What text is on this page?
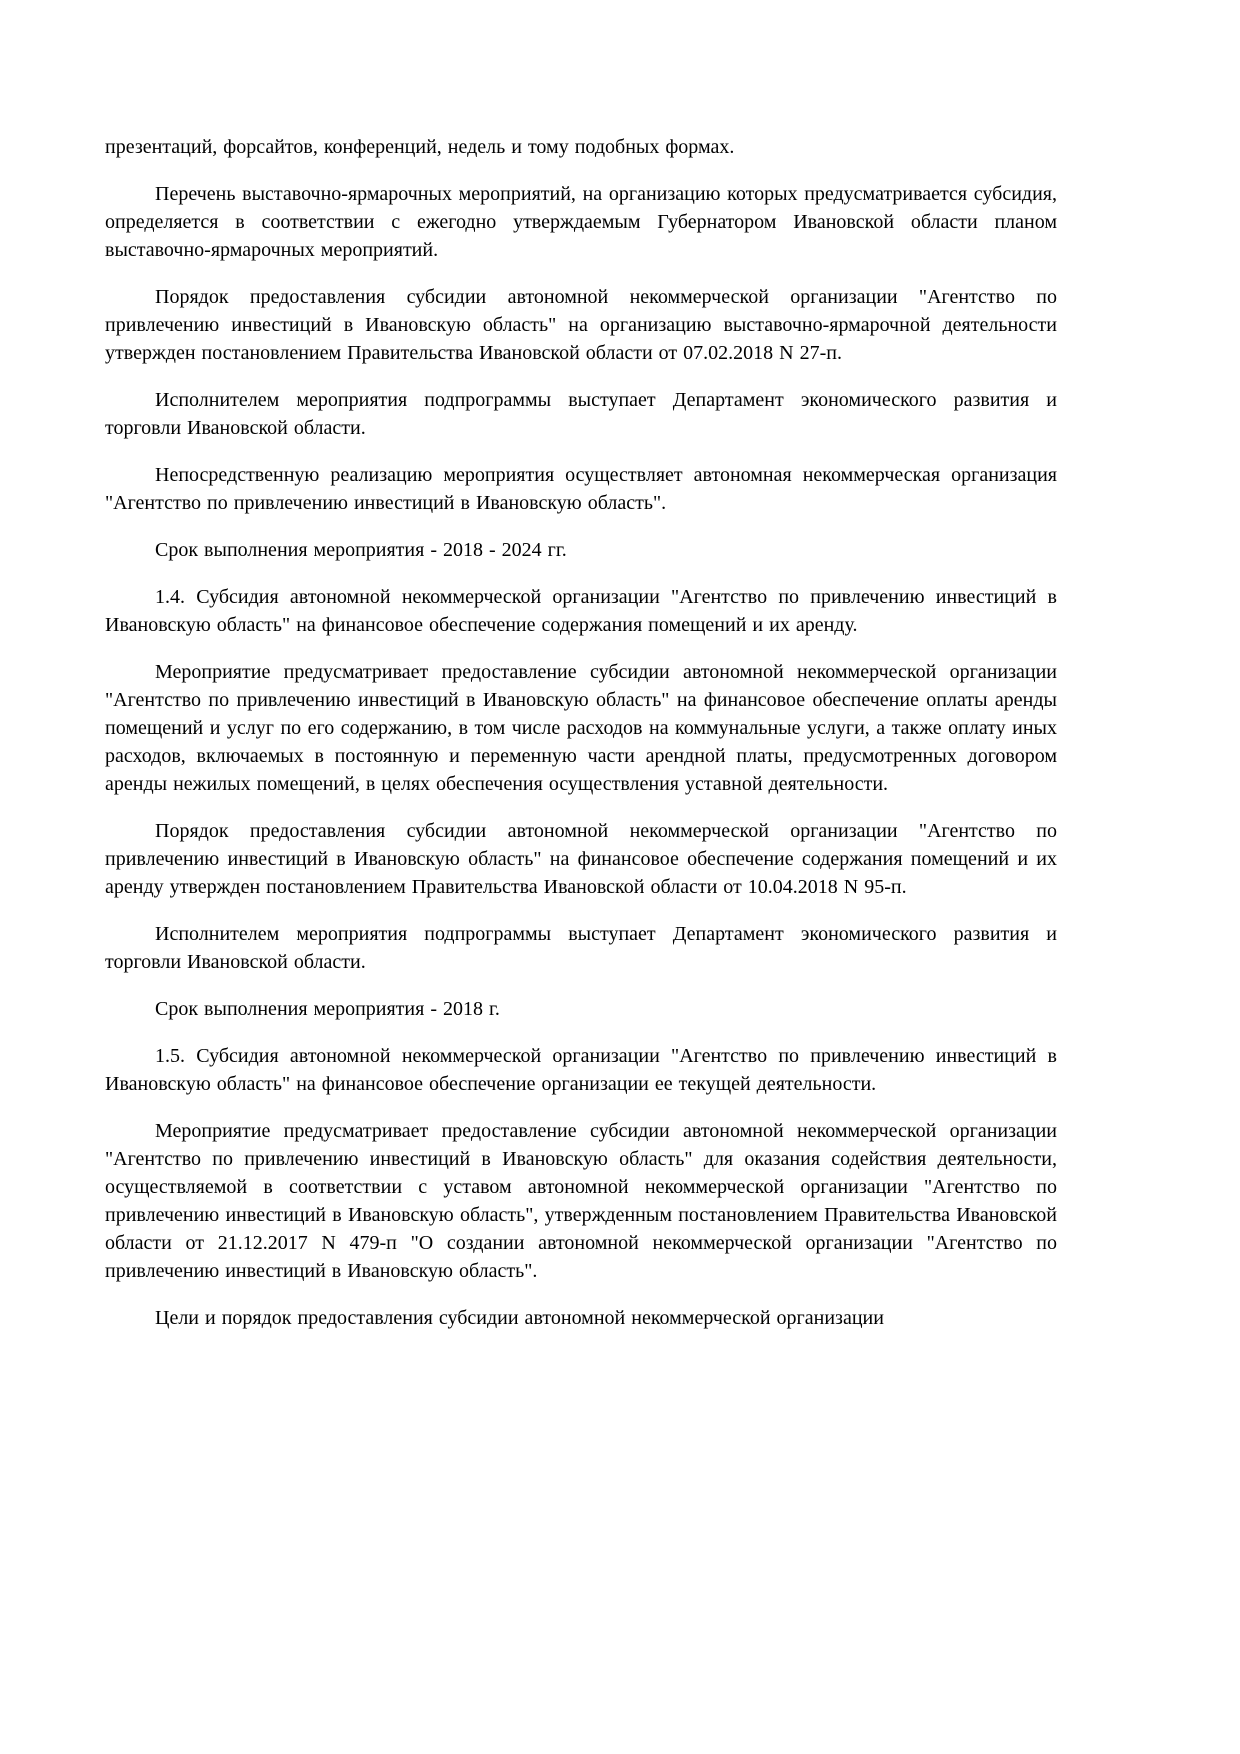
презентаций, форсайтов, конференций, недель и тому подобных формах.

Перечень выставочно-ярмарочных мероприятий, на организацию которых предусматривается субсидия, определяется в соответствии с ежегодно утверждаемым Губернатором Ивановской области планом выставочно-ярмарочных мероприятий.

Порядок предоставления субсидии автономной некоммерческой организации "Агентство по привлечению инвестиций в Ивановскую область" на организацию выставочно-ярмарочной деятельности утвержден постановлением Правительства Ивановской области от 07.02.2018 N 27-п.

Исполнителем мероприятия подпрограммы выступает Департамент экономического развития и торговли Ивановской области.

Непосредственную реализацию мероприятия осуществляет автономная некоммерческая организация "Агентство по привлечению инвестиций в Ивановскую область".

Срок выполнения мероприятия - 2018 - 2024 гг.

1.4. Субсидия автономной некоммерческой организации "Агентство по привлечению инвестиций в Ивановскую область" на финансовое обеспечение содержания помещений и их аренду.

Мероприятие предусматривает предоставление субсидии автономной некоммерческой организации "Агентство по привлечению инвестиций в Ивановскую область" на финансовое обеспечение оплаты аренды помещений и услуг по его содержанию, в том числе расходов на коммунальные услуги, а также оплату иных расходов, включаемых в постоянную и переменную части арендной платы, предусмотренных договором аренды нежилых помещений, в целях обеспечения осуществления уставной деятельности.

Порядок предоставления субсидии автономной некоммерческой организации "Агентство по привлечению инвестиций в Ивановскую область" на финансовое обеспечение содержания помещений и их аренду утвержден постановлением Правительства Ивановской области от 10.04.2018 N 95-п.

Исполнителем мероприятия подпрограммы выступает Департамент экономического развития и торговли Ивановской области.

Срок выполнения мероприятия - 2018 г.

1.5. Субсидия автономной некоммерческой организации "Агентство по привлечению инвестиций в Ивановскую область" на финансовое обеспечение организации ее текущей деятельности.

Мероприятие предусматривает предоставление субсидии автономной некоммерческой организации "Агентство по привлечению инвестиций в Ивановскую область" для оказания содействия деятельности, осуществляемой в соответствии с уставом автономной некоммерческой организации "Агентство по привлечению инвестиций в Ивановскую область", утвержденным постановлением Правительства Ивановской области от 21.12.2017 N 479-п "О создании автономной некоммерческой организации "Агентство по привлечению инвестиций в Ивановскую область".

Цели и порядок предоставления субсидии автономной некоммерческой организации
